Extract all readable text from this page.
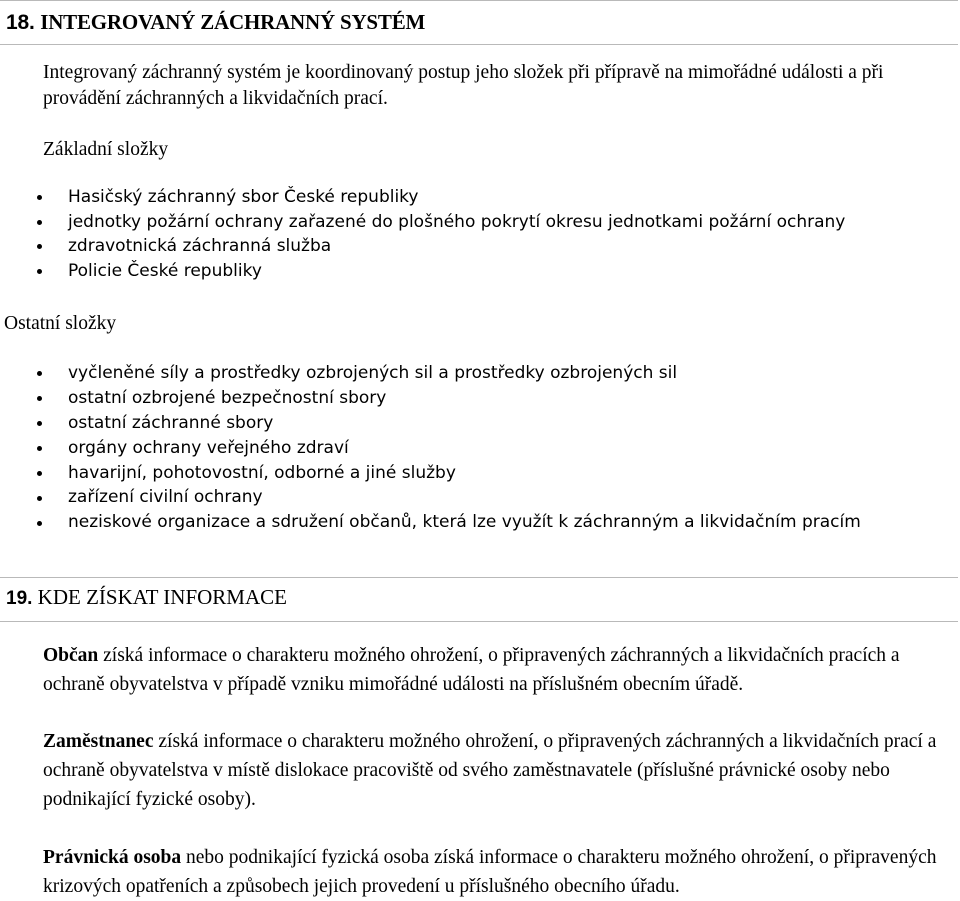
18. INTEGROVANÝ ZÁCHRANNÝ SYSTÉM
Integrovaný záchranný systém je koordinovaný postup jeho složek při přípravě na mimořádné události a při provádění záchranných a likvidačních prací.
Základní složky
Hasičský záchranný sbor České republiky
jednotky požární ochrany zařazené do plošného pokrytí okresu jednotkami požární ochrany
zdravotnická záchranná služba
Policie České republiky
Ostatní složky
vyčleněné síly a prostředky ozbrojených sil a prostředky ozbrojených sil
ostatní ozbrojené bezpečnostní sbory
ostatní záchranné sbory
orgány ochrany veřejného zdraví
havarijní, pohotovostní, odborné a jiné služby
zařízení civilní ochrany
neziskové organizace a sdružení občanů, která lze využít k záchranným a likvidačním pracím
19. KDE ZÍSKAT INFORMACE
Občan získá informace o charakteru možného ohrožení, o připravených záchranných a likvidačních pracích a ochraně obyvatelstva v případě vzniku mimořádné události na příslušném obecním úřadě.
Zaměstnanec získá informace o charakteru možného ohrožení, o připravených záchranných a likvidačních prací a ochraně obyvatelstva v místě dislokace pracoviště od svého zaměstnavatele (příslušné právnické osoby nebo podnikající fyzické osoby).
Právnická osoba nebo podnikající fyzická osoba získá informace o charakteru možného ohrožení, o připravených krizových opatřeních a způsobech jejich provedení u příslušného obecního úřadu.
